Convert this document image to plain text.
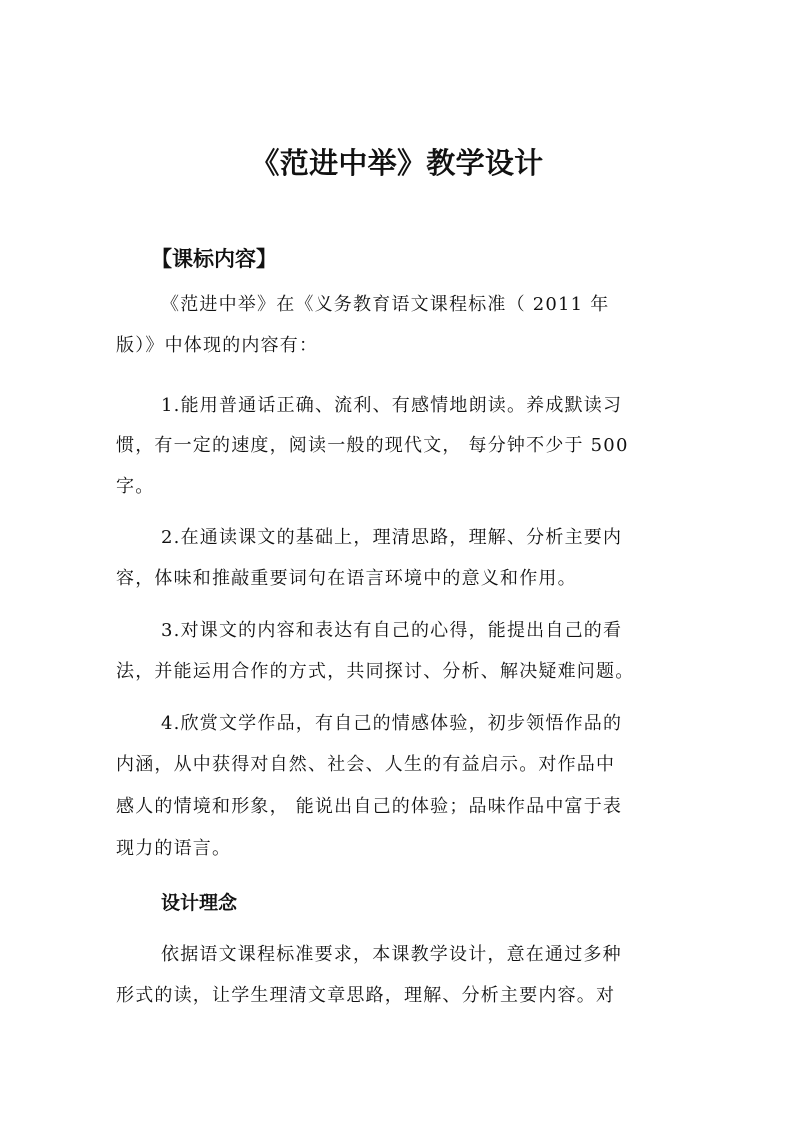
《范进中举》教学设计
【课标内容】
《范进中举》在《义务教育语文课程标准（ 2011 年
版）》中体现的内容有：
1.能用普通话正确、流利、有感情地朗读。养成默读习
惯，有一定的速度，阅读一般的现代文， 每分钟不少于 500
字。
2.在通读课文的基础上，理清思路，理解、分析主要内
容，体味和推敲重要词句在语言环境中的意义和作用。
3.对课文的内容和表达有自己的心得，能提出自己的看
法，并能运用合作的方式，共同探讨、分析、解决疑难问题。
4.欣赏文学作品，有自己的情感体验，初步领悟作品的
内涵，从中获得对自然、社会、人生的有益启示。对作品中
感人的情境和形象， 能说出自己的体验；品味作品中富于表
现力的语言。
设计理念
依据语文课程标准要求，本课教学设计，意在通过多种
形式的读，让学生理清文章思路，理解、分析主要内容。对
